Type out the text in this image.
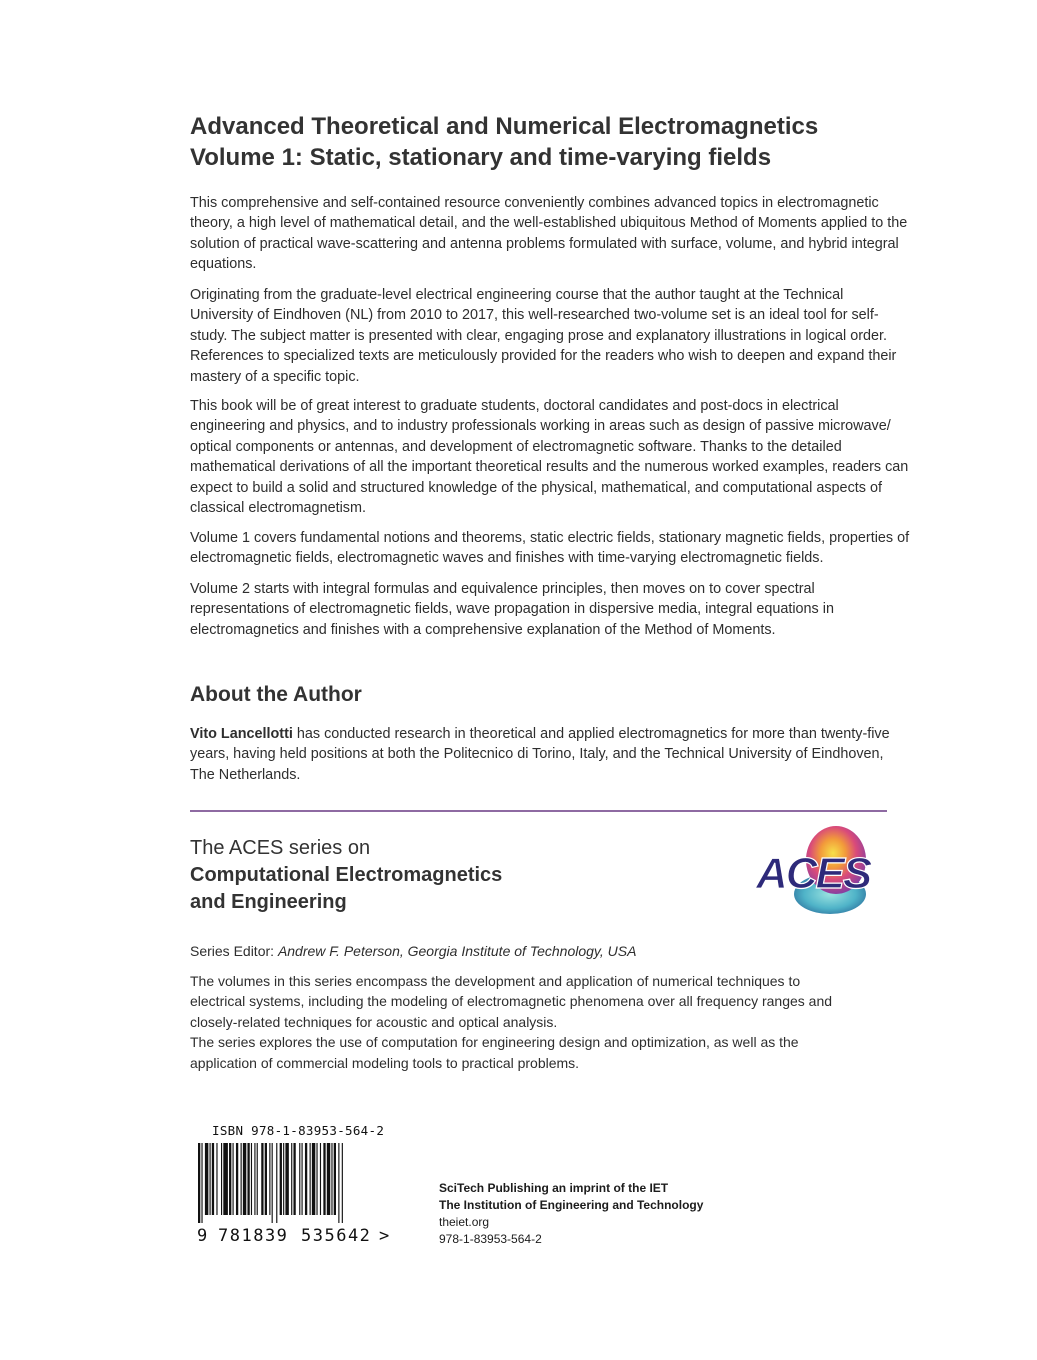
Advanced Theoretical and Numerical Electromagnetics
Volume 1: Static, stationary and time-varying fields

This comprehensive and self-contained resource conveniently combines advanced topics in electromagnetic theory, a high level of mathematical detail, and the well-established ubiquitous Method of Moments applied to the solution of practical wave-scattering and antenna problems formulated with surface, volume, and hybrid integral equations.

Originating from the graduate-level electrical engineering course that the author taught at the Technical University of Eindhoven (NL) from 2010 to 2017, this well-researched two-volume set is an ideal tool for self-study. The subject matter is presented with clear, engaging prose and explanatory illustrations in logical order. References to specialized texts are meticulously provided for the readers who wish to deepen and expand their mastery of a specific topic.

This book will be of great interest to graduate students, doctoral candidates and post-docs in electrical engineering and physics, and to industry professionals working in areas such as design of passive microwave/ optical components or antennas, and development of electromagnetic software. Thanks to the detailed mathematical derivations of all the important theoretical results and the numerous worked examples, readers can expect to build a solid and structured knowledge of the physical, mathematical, and computational aspects of classical electromagnetism.

Volume 1 covers fundamental notions and theorems, static electric fields, stationary magnetic fields, properties of electromagnetic fields, electromagnetic waves and finishes with time-varying electromagnetic fields.

Volume 2 starts with integral formulas and equivalence principles, then moves on to cover spectral representations of electromagnetic fields, wave propagation in dispersive media, integral equations in electromagnetics and finishes with a comprehensive explanation of the Method of Moments.

About the Author

Vito Lancellotti has conducted research in theoretical and applied electromagnetics for more than twenty-five years, having held positions at both the Politecnico di Torino, Italy, and the Technical University of Eindhoven, The Netherlands.

The ACES series on
Computational Electromagnetics
and Engineering
ACES
Series Editor: Andrew F. Peterson, Georgia Institute of Technology, USA

The volumes in this series encompass the development and application of numerical techniques to electrical systems, including the modeling of electromagnetic phenomena over all frequency ranges and closely-related techniques for acoustic and optical analysis.
The series explores the use of computation for engineering design and optimization, as well as the application of commercial modeling tools to practical problems.

ISBN 978-1-83953-564-2
9 781839 535642 >
SciTech Publishing an imprint of the IET
The Institution of Engineering and Technology
theiet.org
978-1-83953-564-2
